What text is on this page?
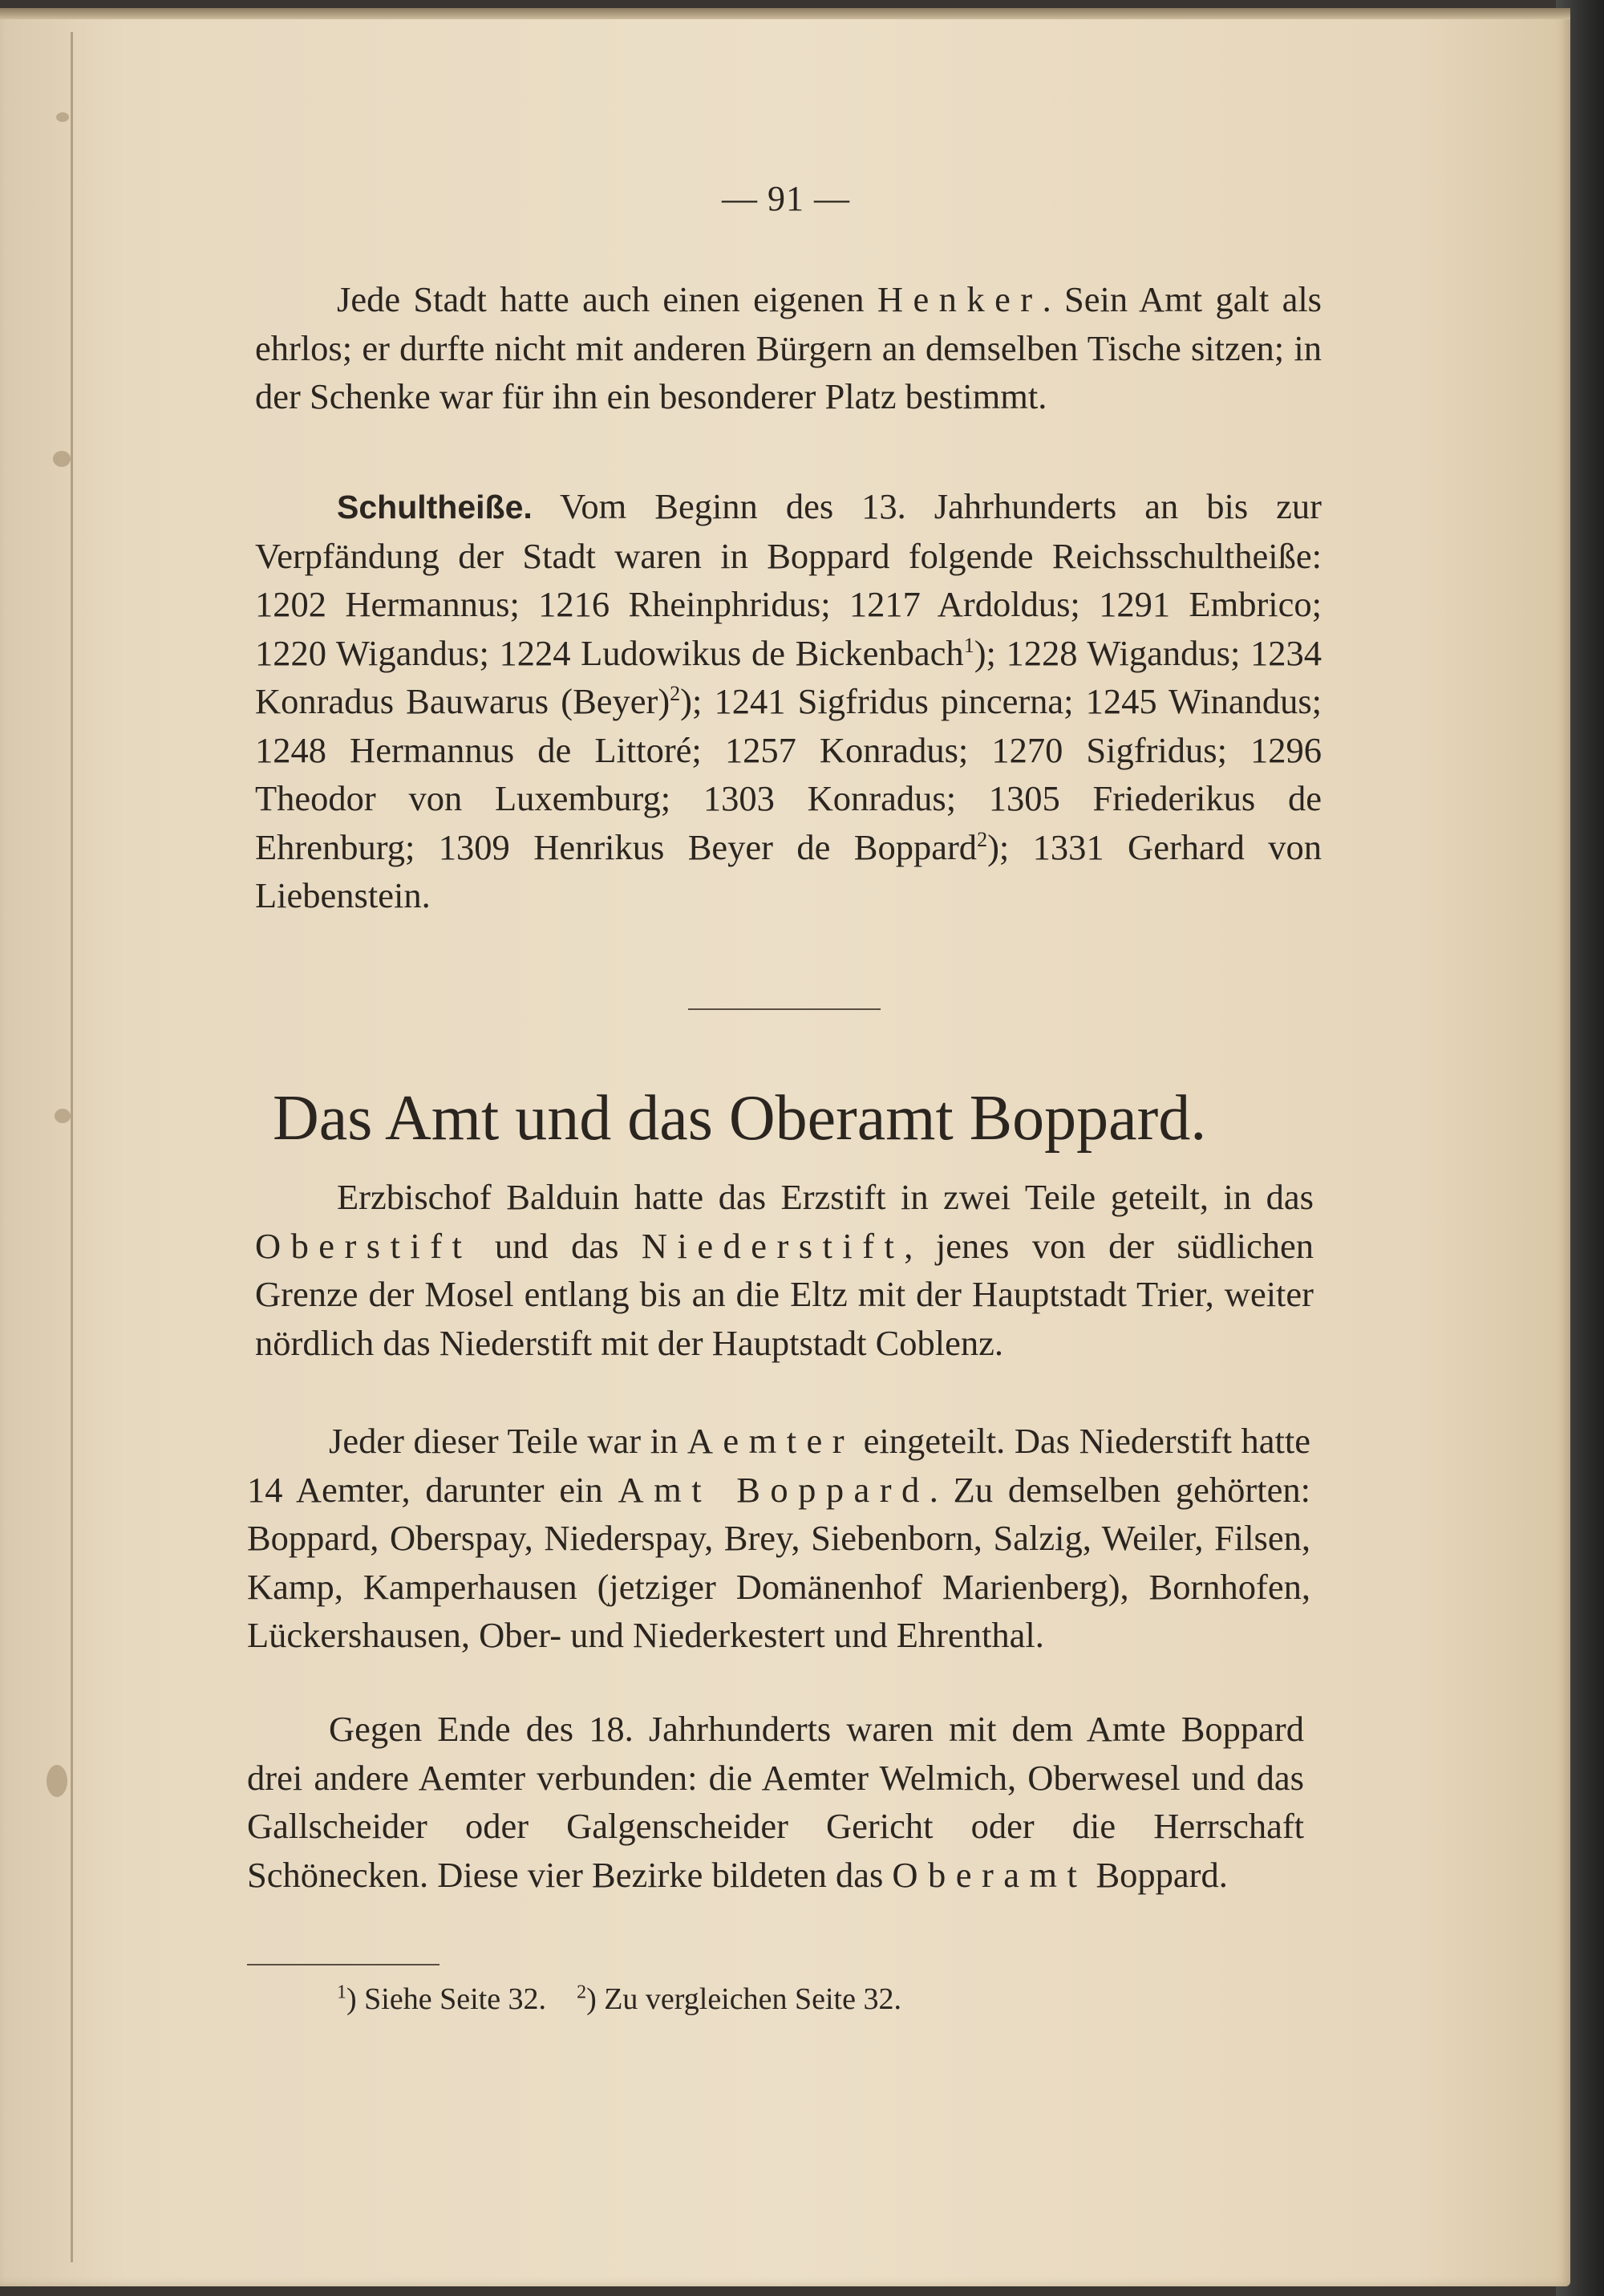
— 91 —

Jede Stadt hatte auch einen eigenen Henker. Sein Amt galt als ehrlos; er durfte nicht mit anderen Bürgern an demselben Tische sitzen; in der Schenke war für ihn ein besonderer Platz bestimmt.

Schultheiße. Vom Beginn des 13. Jahrhunderts an bis zur Verpfändung der Stadt waren in Boppard folgende Reichsschultheiße: 1202 Hermannus; 1216 Rheinphridus; 1217 Ardoldus; 1291 Embrico; 1220 Wigandus; 1224 Ludowikus de Bickenbach$^1$); 1228 Wigandus; 1234 Konradus Bauwarus (Beyer)$^2$); 1241 Sigfridus pincerna; 1245 Winandus; 1248 Hermannus de Littoré; 1257 Konradus; 1270 Sigfridus; 1296 Theodor von Luxemburg; 1303 Konradus; 1305 Friederikus de Ehrenburg; 1309 Henrikus Beyer de Boppard$^2$); 1331 Gerhard von Liebenstein.

Das Amt und das Oberamt Boppard.

Erzbischof Balduin hatte das Erzstift in zwei Teile geteilt, in das Oberstift und das Niederstift, jenes von der südlichen Grenze der Mosel entlang bis an die Eltz mit der Hauptstadt Trier, weiter nördlich das Niederstift mit der Hauptstadt Coblenz.

Jeder dieser Teile war in Aemter eingeteilt. Das Niederstift hatte 14 Aemter, darunter ein Amt Boppard. Zu demselben gehörten: Boppard, Oberspay, Niederspay, Brey, Siebenborn, Salzig, Weiler, Filsen, Kamp, Kamperhausen (jetziger Domänenhof Marienberg), Bornhofen, Lückershausen, Ober- und Niederkestert und Ehrenthal.

Gegen Ende des 18. Jahrhunderts waren mit dem Amte Boppard drei andere Aemter verbunden: die Aemter Welmich, Oberwesel und das Gallscheider oder Galgenscheider Gericht oder die Herrschaft Schönecken. Diese vier Bezirke bildeten das Oberamt Boppard.

$^1$) Siehe Seite 32. $^2$) Zu vergleichen Seite 32.
